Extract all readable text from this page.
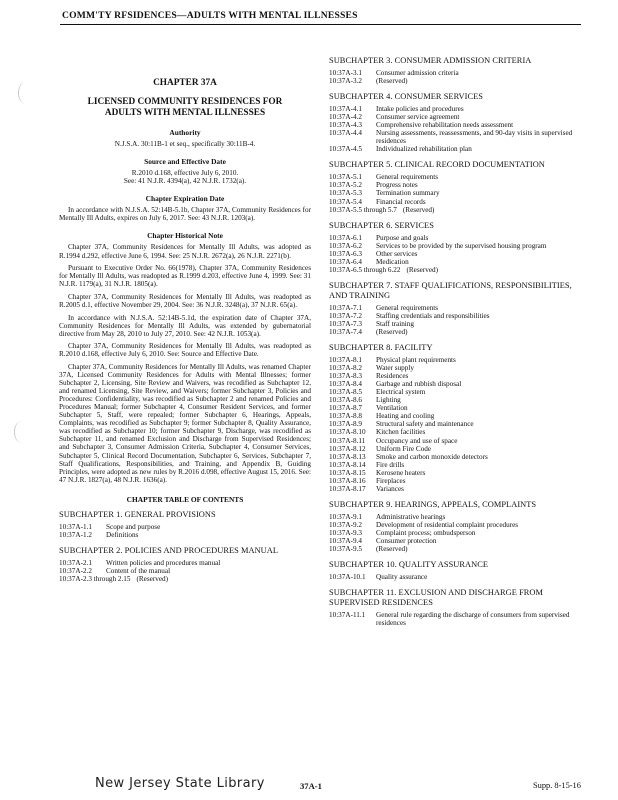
COMM'TY RFSIDENCES—ADULTS WITH MENTAL ILLNESSES
CHAPTER 37A
LICENSED COMMUNITY RESIDENCES FOR
ADULTS WITH MENTAL ILLNESSES
Authority
N.J.S.A. 30:11B-1 et seq., specifically 30:11B-4.
Source and Effective Date
R.2010 d.168, effective July 6, 2010.
See: 41 N.J.R. 4394(a), 42 N.J.R. 1732(a).
Chapter Expiration Date

In accordance with N.J.S.A. 52:14B-5.1b, Chapter 37A, Community Residences for Mentally Ill Adults, expires on July 6, 2017. See: 43 N.J.R. 1203(a).

Chapter Historical Note

Chapter 37A, Community Residences for Mentally Ill Adults, was adopted as R.1994 d.292, effective June 6, 1994. See: 25 N.J.R. 2672(a), 26 N.J.R. 2271(b).

Pursuant to Executive Order No. 66(1978), Chapter 37A, Community Residences for Mentally Ill Adults, was readopted as R.1999 d.203, effective June 4, 1999. See: 31 N.J.R. 1179(a), 31 N.J.R. 1805(a).

Chapter 37A, Community Residences for Mentally Ill Adults, was readopted as R.2005 d.1, effective November 29, 2004. See: 36 N.J.R. 3248(a), 37 N.J.R. 65(a).

In accordance with N.J.S.A. 52:14B-5.1d, the expiration date of Chapter 37A, Community Residences for Mentally Ill Adults, was extended by gubernatorial directive from May 28, 2010 to July 27, 2010. See: 42 N.J.R. 1053(a).

Chapter 37A, Community Residences for Mentally Ill Adults, was readopted as R.2010 d.168, effective July 6, 2010. See: Source and Effective Date.

Chapter 37A, Community Residences for Mentally Ill Adults, was renamed Chapter 37A, Licensed Community Residences for Adults with Mental Illnesses; former Subchapter 2, Licensing, Site Review and Waivers, was recodified as Subchapter 12, and renamed Licensing, Site Review, and Waivers; former Subchapter 3, Policies and Procedures: Confidentiality, was recodified as Subchapter 2 and renamed Policies and Procedures Manual; former Subchapter 4, Consumer Resident Services, and former Subchapter 5, Staff, were repealed; former Subchapter 6, Hearings, Appeals, Complaints, was recodified as Subchapter 9; former Subchapter 8, Quality Assurance, was recodified as Subchapter 10; former Subchapter 9, Discharge, was recodified as Subchapter 11, and renamed Exclusion and Discharge from Supervised Residences; and Subchapter 3, Consumer Admission Criteria, Subchapter 4, Consumer Services, Subchapter 5, Clinical Record Documentation, Subchapter 6, Services, Subchapter 7, Staff Qualifications, Responsibilities, and Training, and Appendix B, Guiding Principles, were adopted as new rules by R.2016 d.098, effective August 15, 2016. See: 47 N.J.R. 1827(a), 48 N.J.R. 1636(a).

CHAPTER TABLE OF CONTENTS
SUBCHAPTER 1. GENERAL PROVISIONS
10:37A-1.1	Scope and purpose
10:37A-1.2	Definitions
SUBCHAPTER 2. POLICIES AND PROCEDURES MANUAL
10:37A-2.1	Written policies and procedures manual
10:37A-2.2	Content of the manual
10:37A-2.3 through 2.15 (Reserved)
SUBCHAPTER 3. CONSUMER ADMISSION CRITERIA
10:37A-3.1	Consumer admission criteria
10:37A-3.2	(Reserved)
SUBCHAPTER 4. CONSUMER SERVICES
10:37A-4.1	Intake policies and procedures
10:37A-4.2	Consumer service agreement
10:37A-4.3	Comprehensive rehabilitation needs assessment
10:37A-4.4	Nursing assessments, reassessments, and 90-day visits in supervised residences
10:37A-4.5	Individualized rehabilitation plan
SUBCHAPTER 5. CLINICAL RECORD DOCUMENTATION
10:37A-5.1	General requirements
10:37A-5.2	Progress notes
10:37A-5.3	Termination summary
10:37A-5.4	Financial records
10:37A-5.5 through 5.7 (Reserved)
SUBCHAPTER 6. SERVICES
10:37A-6.1	Purpose and goals
10:37A-6.2	Services to be provided by the supervised housing program
10:37A-6.3	Other services
10:37A-6.4	Medication
10:37A-6.5 through 6.22 (Reserved)
SUBCHAPTER 7. STAFF QUALIFICATIONS, RESPONSIBILITIES, AND TRAINING
10:37A-7.1	General requirements
10:37A-7.2	Staffing credentials and responsibilities
10:37A-7.3	Staff training
10:37A-7.4	(Reserved)
SUBCHAPTER 8. FACILITY
10:37A-8.1	Physical plant requirements
10:37A-8.2	Water supply
10:37A-8.3	Residences
10:37A-8.4	Garbage and rubbish disposal
10:37A-8.5	Electrical system
10:37A-8.6	Lighting
10:37A-8.7	Ventilation
10:37A-8.8	Heating and cooling
10:37A-8.9	Structural safety and maintenance
10:37A-8.10	Kitchen facilities
10:37A-8.11	Occupancy and use of space
10:37A-8.12	Uniform Fire Code
10:37A-8.13	Smoke and carbon monoxide detectors
10:37A-8.14	Fire drills
10:37A-8.15	Kerosene heaters
10:37A-8.16	Fireplaces
10:37A-8.17	Variances
SUBCHAPTER 9. HEARINGS, APPEALS, COMPLAINTS
10:37A-9.1	Administrative hearings
10:37A-9.2	Development of residential complaint procedures
10:37A-9.3	Complaint process; ombudsperson
10:37A-9.4	Consumer protection
10:37A-9.5	(Reserved)
SUBCHAPTER 10. QUALITY ASSURANCE
10:37A-10.1	Quality assurance
SUBCHAPTER 11. EXCLUSION AND DISCHARGE FROM SUPERVISED RESIDENCES
10:37A-11.1	General rule regarding the discharge of consumers from supervised residences
New Jersey State Library	37A-1	Supp. 8-15-16
